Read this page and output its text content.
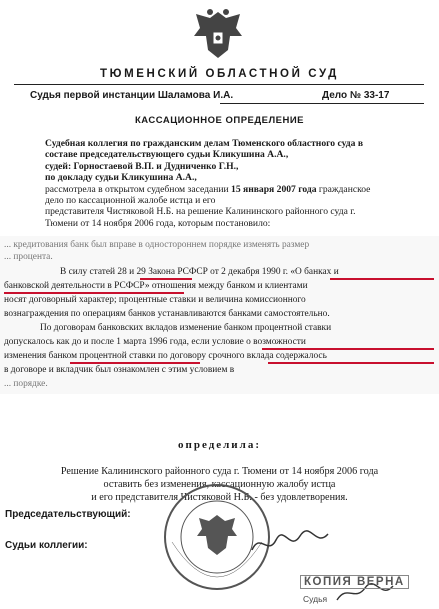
ТЮМЕНСКИЙ ОБЛАСТНОЙ СУД
Судья первой инстанции Шаламова И.А.	Дело № 33-17
КАССАЦИОННОЕ ОПРЕДЕЛЕНИЕ
Судебная коллегия по гражданским делам Тюменского областного суда в
составе председательствующего судьи Кликушина А.А.,
судей: Горностаевой В.П. и Дудниченко Г.Н.,
по докладу судьи Кликушина А.А.,
рассмотрела в открытом судебном заседании 15 января 2007 года гражданское
дело по кассационной жалобе истца и его
представителя Чистяковой Н.Б. на решение Калининского районного суда г.
Тюмени от 14 ноября 2006 года, которым постановило:
... кредитования банк был вправе в одностороннем порядке изменять размер
... процента.
В силу статей 28 и 29 Закона РСФСР от 2 декабря 1990 г. «О банках и
банковской деятельности в РСФСР» отношения между банком и клиентами
носят договорный характер; процентные ставки и величина комиссионного
вознаграждения по операциям банков устанавливаются банками самостоятельно.
По договорам банковских вкладов изменение банком процентной ставки
допускалось как до и после 1 марта 1996 года, если условие о возможности
изменения банком процентной ставки по договору срочного вклада содержалось
в договоре и вкладчик был ознакомлен с этим условием в
... порядке.
определила:
Решение Калининского районного суда г. Тюмени от 14 ноября 2006 года
оставить без изменения, кассационную жалобу истца
и его представителя Чистяковой Н.Б. - без удовлетворения.
Председательствующий:
Судьи коллегии:
КОПИЯ ВЕРНА
Судья
